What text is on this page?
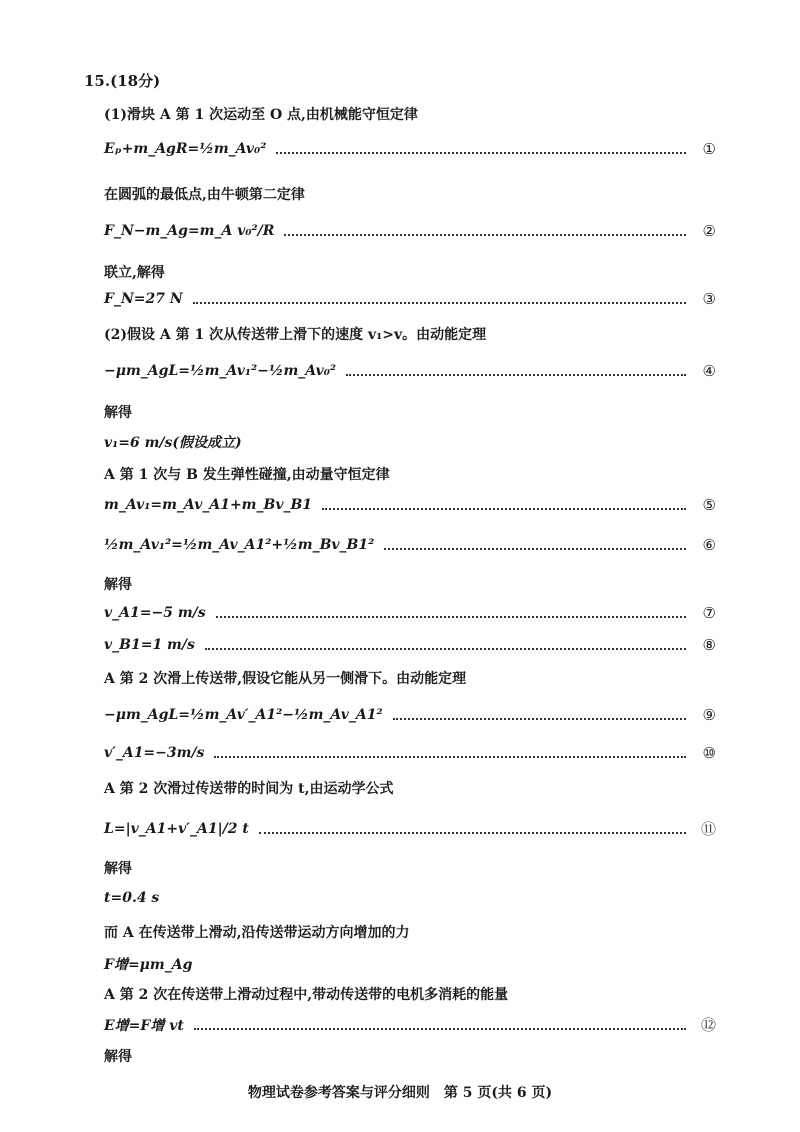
15.(18分)
(1)滑块 A 第 1 次运动至 O 点,由机械能守恒定律
Eₚ+m_AgR=½m_Av₀²	①
在圆弧的最低点,由牛顿第二定律
F_N−m_Ag=m_A v₀²/R	②
联立,解得
F_N=27 N	③
(2)假设 A 第 1 次从传送带上滑下的速度 v₁>v。由动能定理
−μm_AgL=½m_Av₁²−½m_Av₀²	④
解得
v₁=6 m/s(假设成立)
A 第 1 次与 B 发生弹性碰撞,由动量守恒定律
m_Av₁=m_Av_A1+m_Bv_B1	⑤
½m_Av₁²=½m_Av_A1²+½m_Bv_B1²	⑥
解得
v_A1=−5 m/s	⑦
v_B1=1 m/s	⑧
A 第 2 次滑上传送带,假设它能从另一侧滑下。由动能定理
−μm_AgL=½m_Av′_A1²−½m_Av_A1²	⑨
v′_A1=−3m/s	⑩
A 第 2 次滑过传送带的时间为 t,由运动学公式
L=|v_A1+v′_A1|/2 t	⑪
解得
t=0.4 s
而 A 在传送带上滑动,沿传送带运动方向增加的力
F增=μm_Ag
A 第 2 次在传送带上滑动过程中,带动传送带的电机多消耗的能量
E增=F增 vt	⑫
解得
物理试卷参考答案与评分细则　第 5 页(共 6 页)
